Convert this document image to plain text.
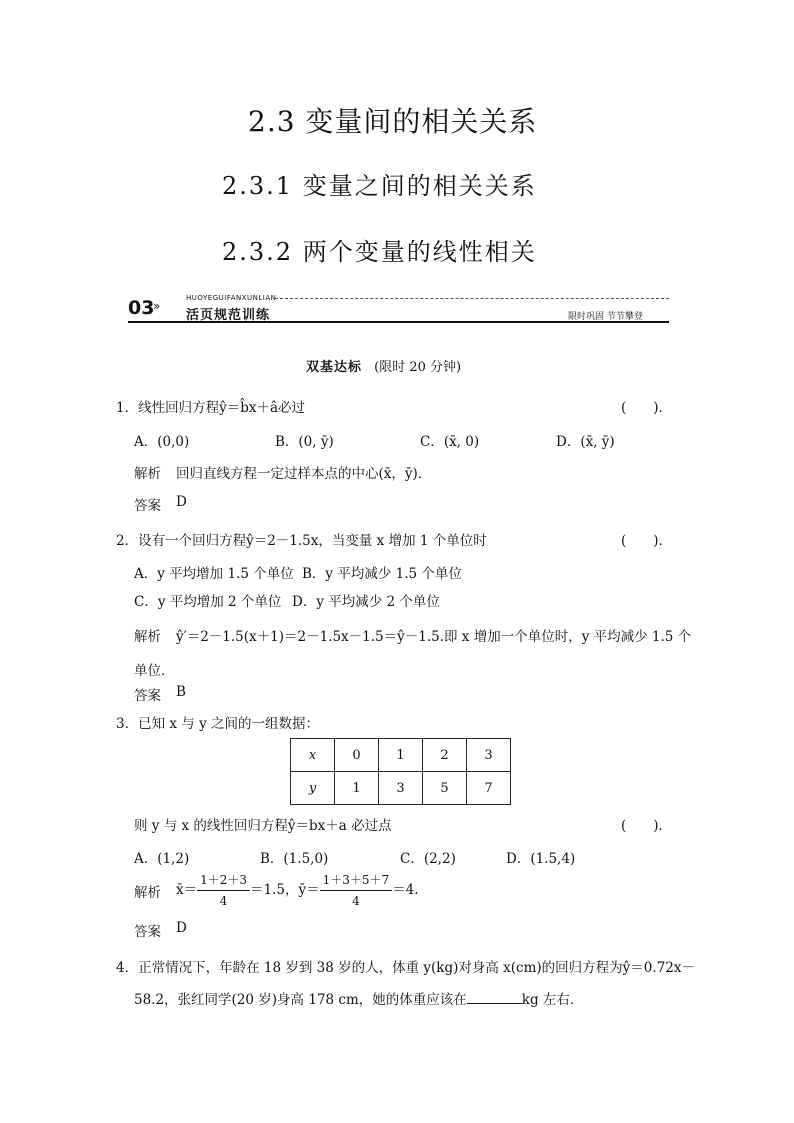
2.3 变量间的相关关系
2.3.1 变量之间的相关关系
2.3.2 两个变量的线性相关
03
»
HUOYEGUIFANXUNLIAN
活页规范训练	限时巩固 节节攀登
双基达标 (限时 20 分钟)
1．线性回归方程ŷ＝b̂x＋â必过	(　　)．
A．(0,0)	B．(0, ȳ)	C．(x̄, 0)	D．(x̄, ȳ)
解析 回归直线方程一定过样本点的中心(x̄，ȳ)．
答案 D
2．设有一个回归方程ŷ＝2－1.5x，当变量 x 增加 1 个单位时	(　　)．
A．y 平均增加 1.5 个单位 B．y 平均减少 1.5 个单位
C．y 平均增加 2 个单位 D．y 平均减少 2 个单位
解析 ŷ′＝2－1.5(x＋1)＝2－1.5x－1.5＝ŷ－1.5.即 x 增加一个单位时，y 平均减少 1.5 个
单位．
答案 B
3．已知 x 与 y 之间的一组数据：
x	0	1	2	3
y	1	3	5	7
则 y 与 x 的线性回归方程ŷ＝bx＋a 必过点	(　　)．
A．(1,2)	B．(1.5,0)	C．(2,2)	D．(1.5,4)
解析 x̄＝ $\frac{1+2+3}{4} =1.5$，ȳ＝ $\frac{1+3+5+7}{4} =4$.
答案 D
4．正常情况下，年龄在 18 岁到 38 岁的人，体重 y(kg)对身高 x(cm)的回归方程为ŷ＝0.72x－
58.2，张红同学(20 岁)身高 178 cm，她的体重应该在	kg 左右．
